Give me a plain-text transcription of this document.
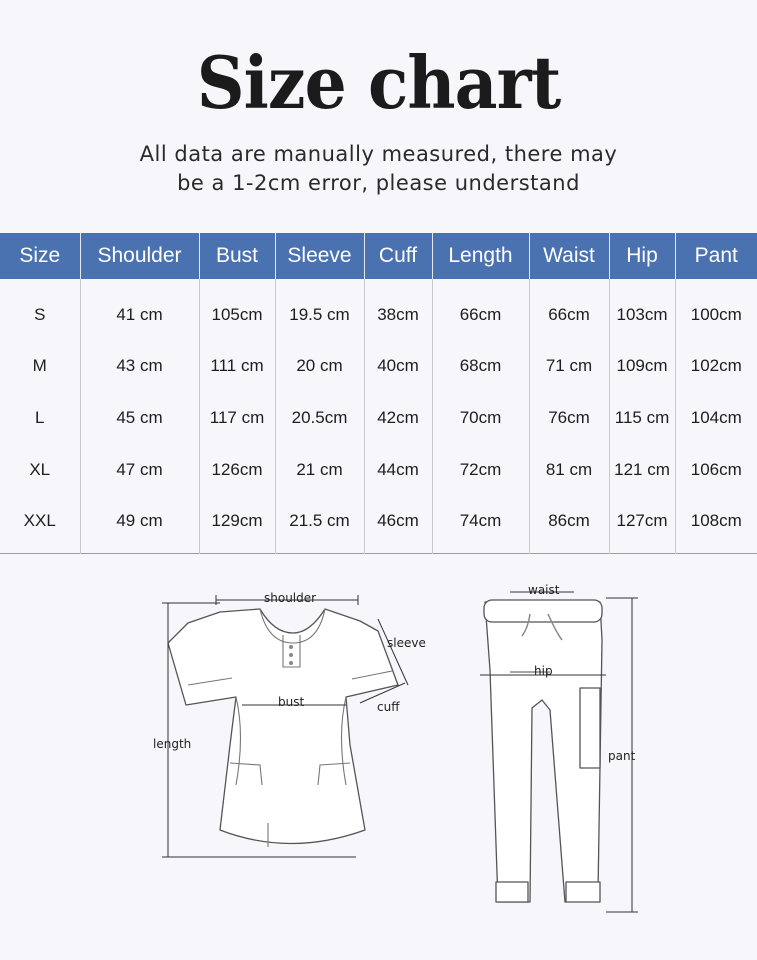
Size chart
All data are manually measured, there may
be a 1-2cm error, please understand
Size	Shoulder	Bust	Sleeve	Cuff	Length	Waist	Hip	Pant
S	41 cm	105cm	19.5 cm	38cm	66cm	66cm	103cm	100cm
M	43 cm	111 cm	20 cm	40cm	68cm	71 cm	109cm	102cm
L	45 cm	117 cm	20.5cm	42cm	70cm	76cm	115 cm	104cm
XL	47 cm	126cm	21 cm	44cm	72cm	81 cm	121 cm	106cm
XXL	49 cm	129cm	21.5 cm	46cm	74cm	86cm	127cm	108cm
shoulder
sleeve
bust	cuff
length
waist
hip
pant
